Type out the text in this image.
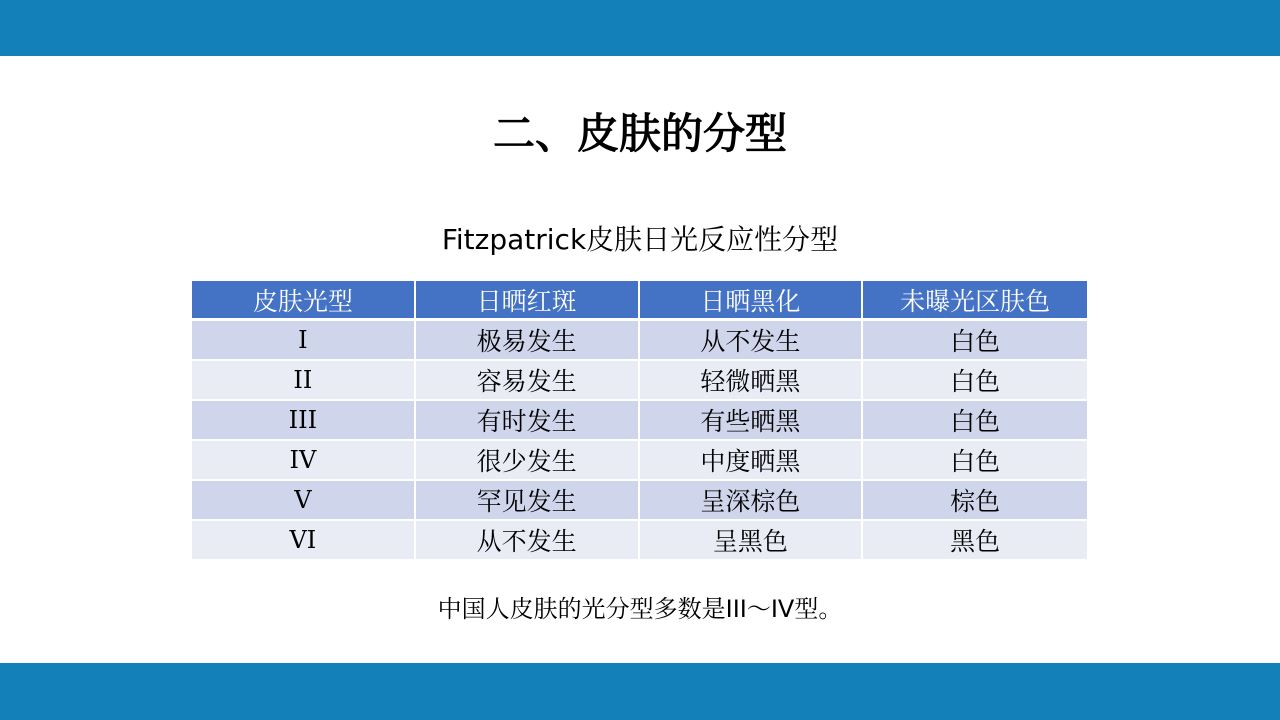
二、皮肤的分型
Fitzpatrick皮肤日光反应性分型
皮肤光型	日晒红斑	日晒黑化	未曝光区肤色
I	极易发生	从不发生	白色
II	容易发生	轻微晒黑	白色
III	有时发生	有些晒黑	白色
IV	很少发生	中度晒黑	白色
V	罕见发生	呈深棕色	棕色
VI	从不发生	呈黑色	黑色
中国人皮肤的光分型多数是III～IV型。
